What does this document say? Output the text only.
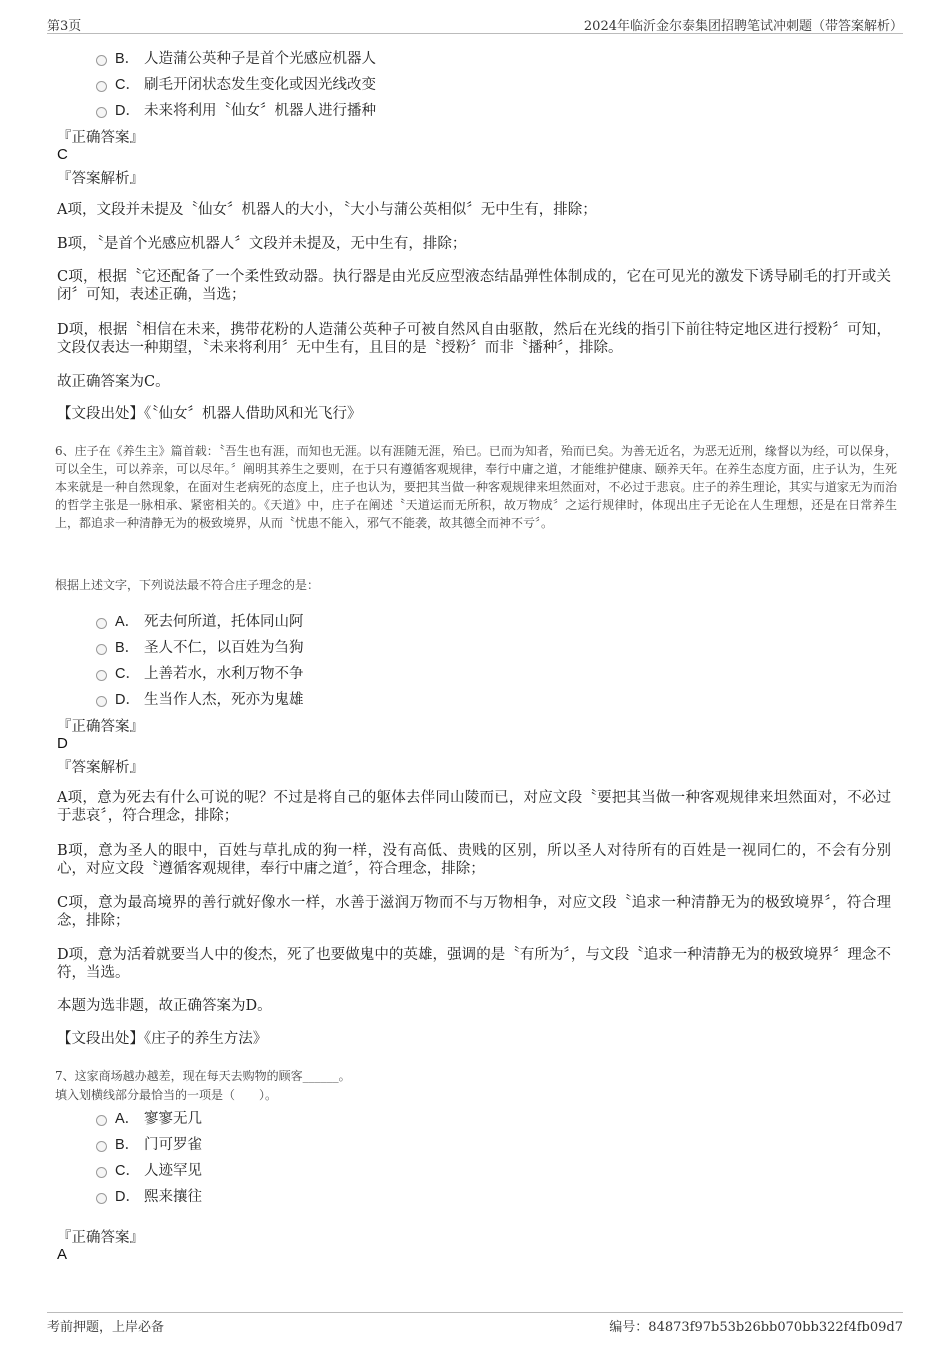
第3页	2024年临沂金尔泰集团招聘笔试冲刺题（带答案解析）
B． 人造蒲公英种子是首个光感应机器人
C． 刷毛开闭状态发生变化或因光线改变
D． 未来将利用〝仙女〞机器人进行播种
『正确答案』
C
『答案解析』
A项，文段并未提及〝仙女〞机器人的大小，〝大小与蒲公英相似〞无中生有，排除；
B项，〝是首个光感应机器人〞文段并未提及，无中生有，排除；
C项，根据〝它还配备了一个柔性致动器。执行器是由光反应型液态结晶弹性体制成的，它在可见光的激发下诱导刷毛的打开或关闭〞可知，表述正确，当选；
D项，根据〝相信在未来，携带花粉的人造蒲公英种子可被自然风自由驱散，然后在光线的指引下前往特定地区进行授粉〞可知，文段仅表达一种期望，〝未来将利用〞无中生有，且目的是〝授粉〞而非〝播种〞，排除。
故正确答案为C。
【文段出处】《〝仙女〞机器人借助风和光飞行》
6、庄子在《养生主》篇首载：〝吾生也有涯，而知也无涯。以有涯随无涯，殆已。已而为知者，殆而已矣。为善无近名，为恶无近刑，缘督以为经，可以保身，可以全生，可以养亲，可以尽年。〞阐明其养生之要则，在于只有遵循客观规律，奉行中庸之道，才能维护健康、颐养天年。在养生态度方面，庄子认为，生死本来就是一种自然现象，在面对生老病死的态度上，庄子也认为，要把其当做一种客观规律来坦然面对，不必过于悲哀。庄子的养生理论，其实与道家无为而治的哲学主张是一脉相承、紧密相关的。《天道》中，庄子在阐述〝天道运而无所积，故万物成〞之运行规律时，体现出庄子无论在人生理想，还是在日常养生上，都追求一种清静无为的极致境界，从而〝忧患不能入，邪气不能袭，故其德全而神不亏〞。
根据上述文字，下列说法最不符合庄子理念的是：
A． 死去何所道，托体同山阿
B． 圣人不仁，以百姓为刍狗
C． 上善若水，水利万物不争
D． 生当作人杰，死亦为鬼雄
『正确答案』
D
『答案解析』
A项，意为死去有什么可说的呢？不过是将自己的躯体去伴同山陵而已，对应文段〝要把其当做一种客观规律来坦然面对，不必过于悲哀〞，符合理念，排除；
B项，意为圣人的眼中，百姓与草扎成的狗一样，没有高低、贵贱的区别，所以圣人对待所有的百姓是一视同仁的，不会有分别心，对应文段〝遵循客观规律，奉行中庸之道〞，符合理念，排除；
C项，意为最高境界的善行就好像水一样，水善于滋润万物而不与万物相争，对应文段〝追求一种清静无为的极致境界〞，符合理念，排除；
D项，意为活着就要当人中的俊杰，死了也要做鬼中的英雄，强调的是〝有所为〞，与文段〝追求一种清静无为的极致境界〞理念不符，当选。
本题为选非题，故正确答案为D。
【文段出处】《庄子的养生方法》
7、这家商场越办越差，现在每天去购物的顾客______。
填入划横线部分最恰当的一项是（　　）。
A． 寥寥无几
B． 门可罗雀
C． 人迹罕见
D． 熙来攘往
『正确答案』
A
考前押题，上岸必备	编号：84873f97b53b26bb070bb322f4fb09d7
